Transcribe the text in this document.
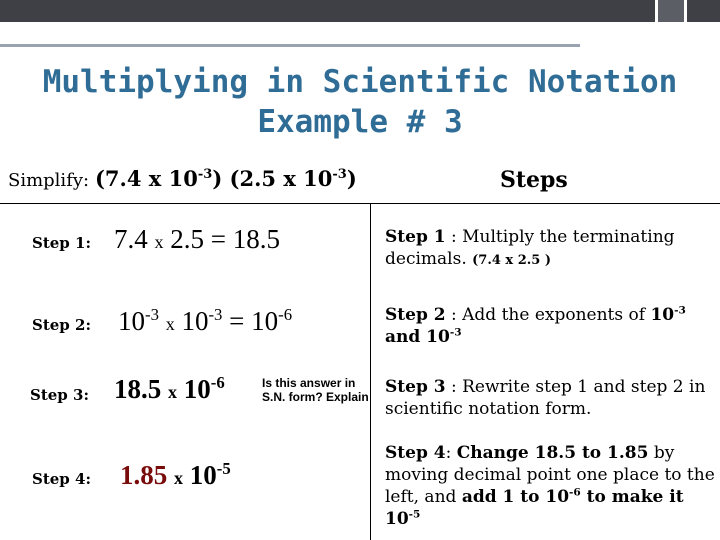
Multiplying in Scientific Notation Example # 3
Simplify: (7.4 x $10^{-3}$) (2.5 x $10^{-3}$)	Steps
Step 1: 7.4 x 2.5 = 18.5
Step 2: $10^{-3}$ x $10^{-3} = 10^{-6}$
Step 3: 18.5 x $10^{-6}$	Is this answer in S.N. form? Explain
Step 4: 1.85 x $10^{-5}$
Step 1 : Multiply the terminating decimals. (7.4 x 2.5 )
Step 2 : Add the exponents of $10^{-3}$
and $10^{-3}$
Step 3 : Rewrite step 1 and step 2 in scientific notation form.
Step 4: Change 18.5 to 1.85 by moving decimal point one place to the left, and add 1 to $10^{-6}$ to make it $10^{-5}$
